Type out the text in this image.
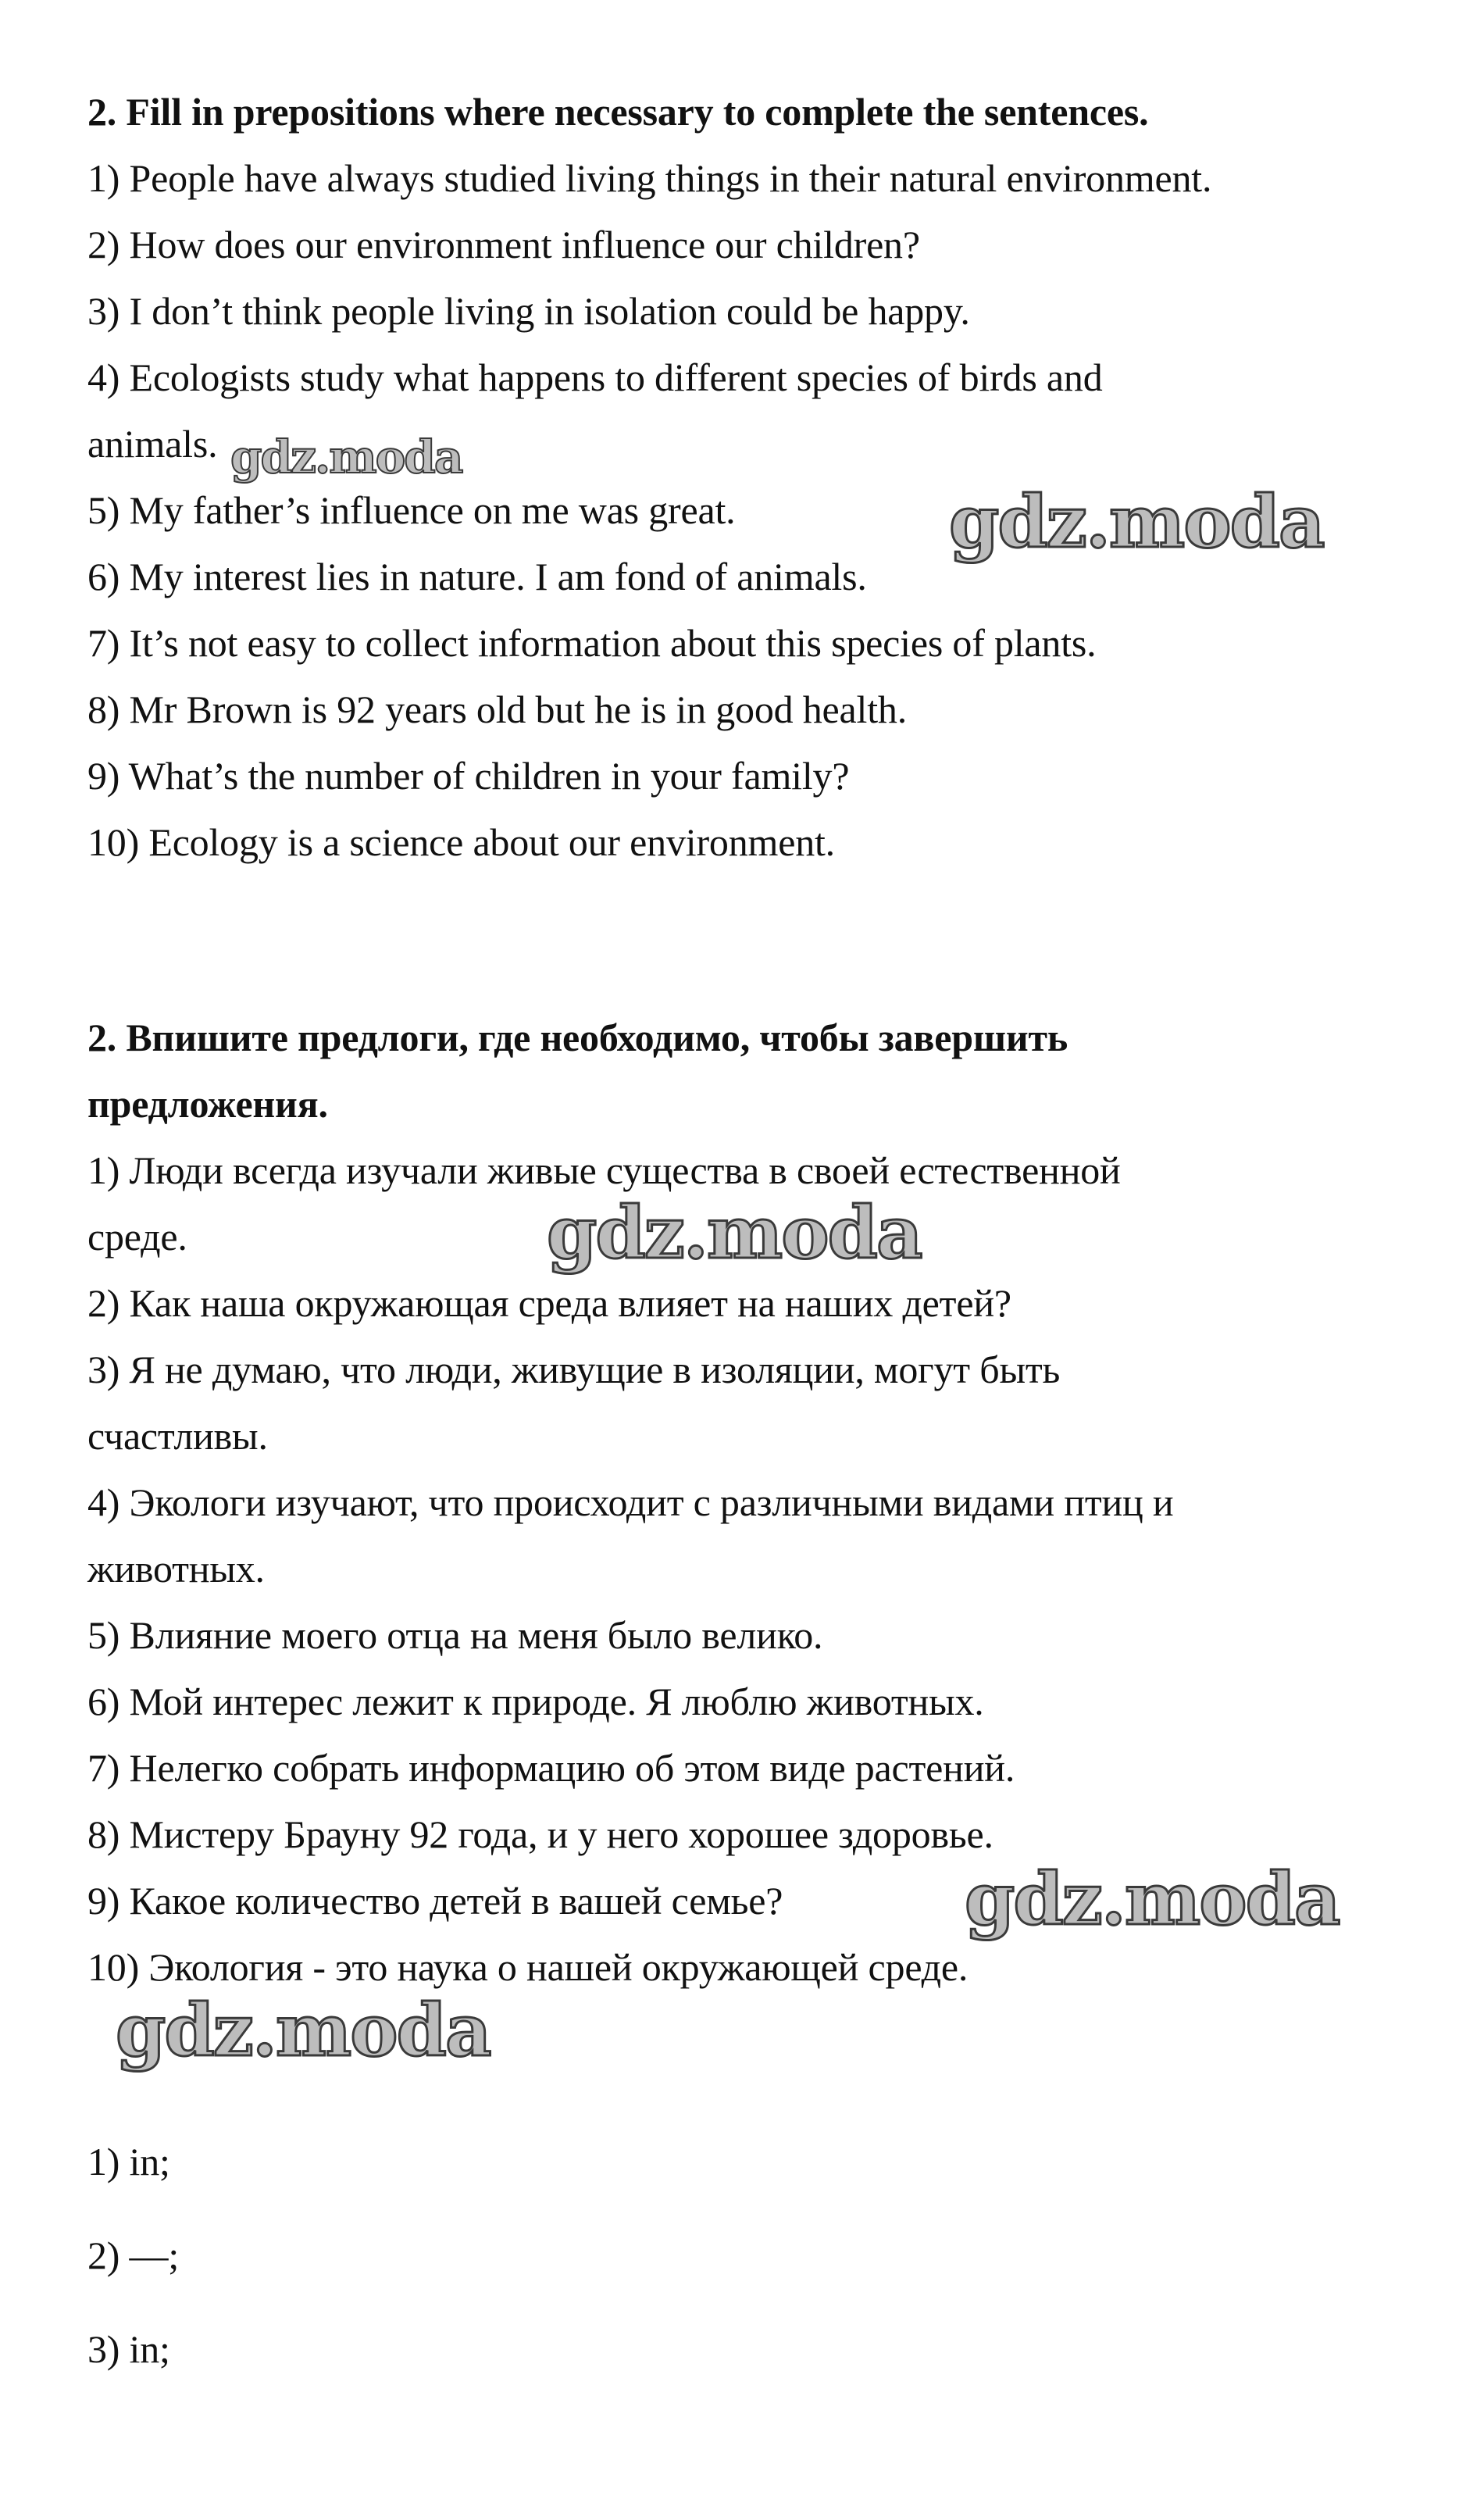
2. Fill in prepositions where necessary to complete the sentences.
1) People have always studied living things in their natural environment.
2) How does our environment influence our children?
3) I don’t think people living in isolation could be happy.
4) Ecologists study what happens to different species of birds and
animals.
5) My father’s influence on me was great.
6) My interest lies in nature. I am fond of animals.
7) It’s not easy to collect information about this species of plants.
8) Mr Brown is 92 years old but he is in good health.
9) What’s the number of children in your family?
10) Ecology is a science about our environment.
2. Впишите предлоги, где необходимо, чтобы завершить
предложения.
1) Люди всегда изучали живые существа в своей естественной
среде.
2) Как наша окружающая среда влияет на наших детей?
3) Я не думаю, что люди, живущие в изоляции, могут быть
счастливы.
4) Экологи изучают, что происходит с различными видами птиц и
животных.
5) Влияние моего отца на меня было велико.
6) Мой интерес лежит к природе. Я люблю животных.
7) Нелегко собрать информацию об этом виде растений.
8) Мистеру Брауну 92 года, и у него хорошее здоровье.
9) Какое количество детей в вашей семье?
10) Экология - это наука о нашей окружающей среде.
1) in;
2) —;
3) in;
gdz.moda
gdz.moda
gdz.moda
gdz.moda
gdz.moda
